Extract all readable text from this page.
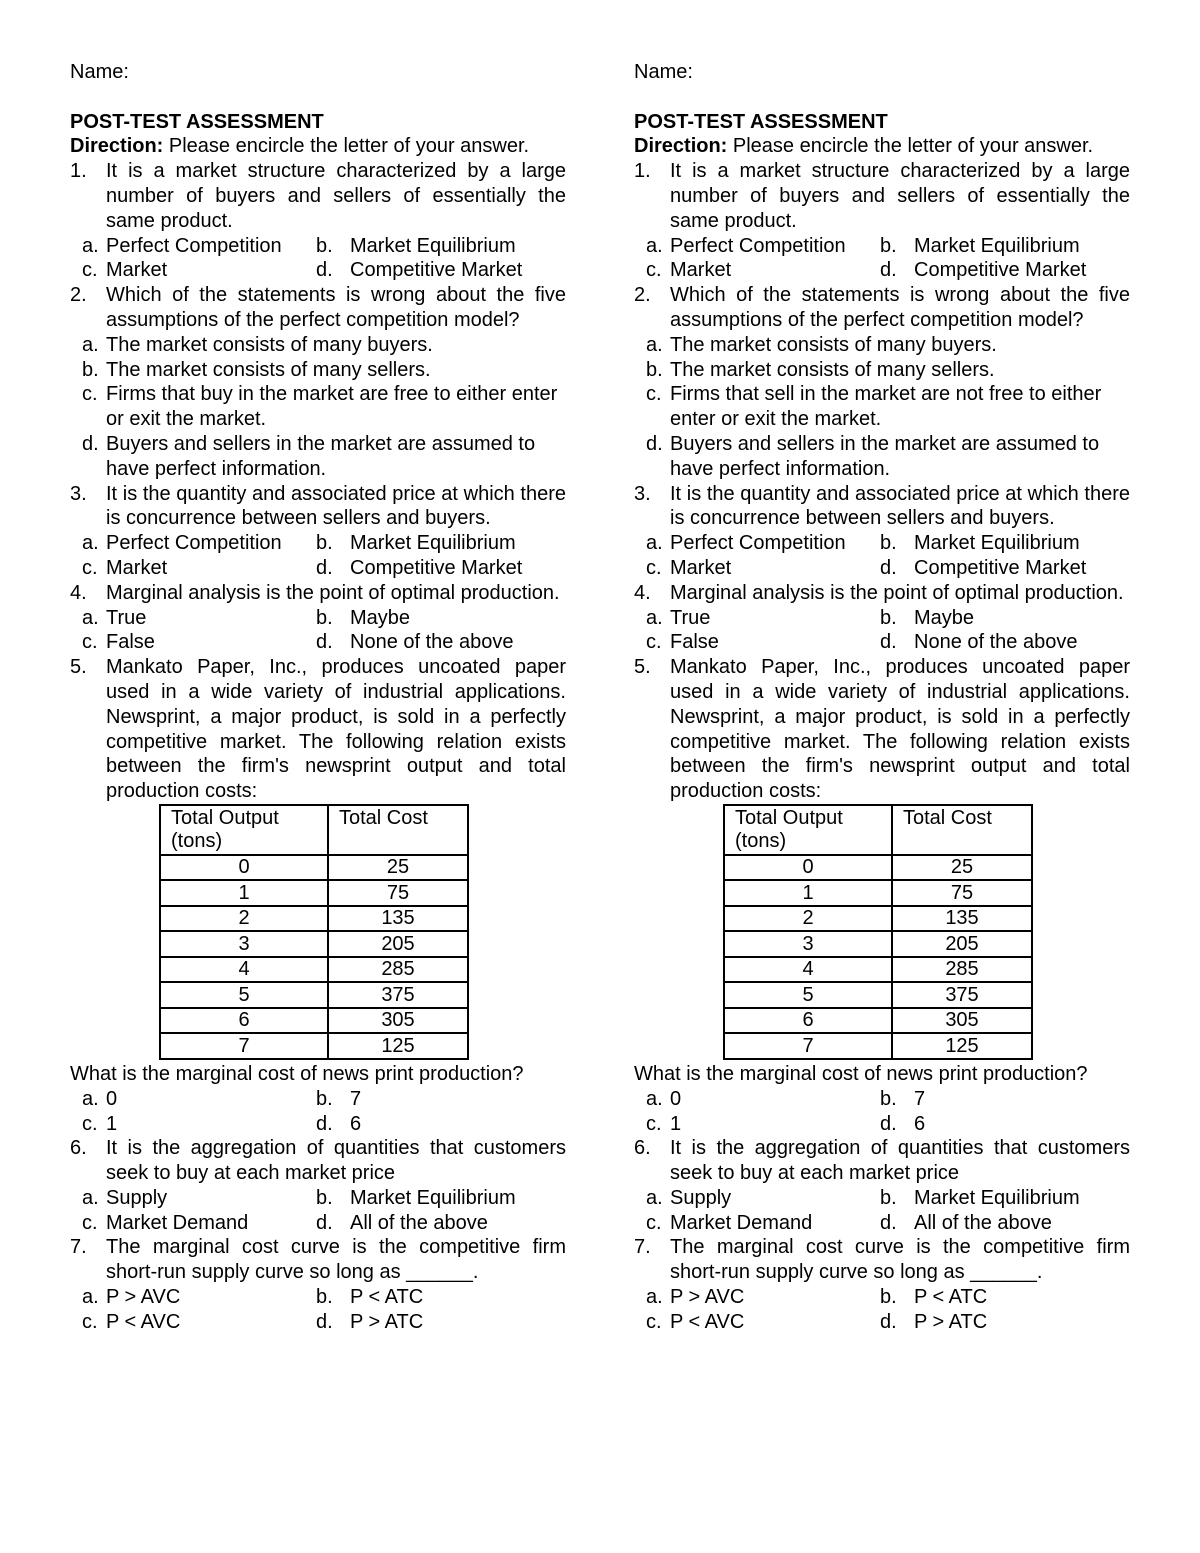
Name:
POST-TEST ASSESSMENT
Direction: Please encircle the letter of your answer.
1. It is a market structure characterized by a large number of buyers and sellers of essentially the same product.
a. Perfect Competition b. Market Equilibrium
c. Market	d. Competitive Market
2. Which of the statements is wrong about the five assumptions of the perfect competition model?
a. The market consists of many buyers.
b. The market consists of many sellers.
c. Firms that buy in the market are free to either enter or exit the market.
d. Buyers and sellers in the market are assumed to have perfect information.
3. It is the quantity and associated price at which there is concurrence between sellers and buyers.
a. Perfect Competition b. Market Equilibrium
c. Market	d. Competitive Market
4. Marginal analysis is the point of optimal production.
a. True	b. Maybe
c. False	d. None of the above
5. Mankato Paper, Inc., produces uncoated paper used in a wide variety of industrial applications. Newsprint, a major product, is sold in a perfectly competitive market. The following relation exists between the firm's newsprint output and total production costs:
Total Output (tons)	Total Cost
0	25
1	75
2	135
3	205
4	285
5	375
6	305
7	125
What is the marginal cost of news print production?
a. 0	b. 7
c. 1	d. 6
6. It is the aggregation of quantities that customers seek to buy at each market price
a. Supply	b. Market Equilibrium
c. Market Demand	d. All of the above
7. The marginal cost curve is the competitive firm short-run supply curve so long as ______.
a. P > AVC	b. P < ATC
c. P < AVC	d. P > ATC
Name:
POST-TEST ASSESSMENT
Direction: Please encircle the letter of your answer.
1. It is a market structure characterized by a large number of buyers and sellers of essentially the same product.
a. Perfect Competition b. Market Equilibrium
c. Market	d. Competitive Market
2. Which of the statements is wrong about the five assumptions of the perfect competition model?
a. The market consists of many buyers.
b. The market consists of many sellers.
c. Firms that sell in the market are not free to either enter or exit the market.
d. Buyers and sellers in the market are assumed to have perfect information.
3. It is the quantity and associated price at which there is concurrence between sellers and buyers.
a. Perfect Competition b. Market Equilibrium
c. Market	d. Competitive Market
4. Marginal analysis is the point of optimal production.
a. True	b. Maybe
c. False	d. None of the above
5. Mankato Paper, Inc., produces uncoated paper used in a wide variety of industrial applications. Newsprint, a major product, is sold in a perfectly competitive market. The following relation exists between the firm's newsprint output and total production costs:
Total Output (tons)	Total Cost
0	25
1	75
2	135
3	205
4	285
5	375
6	305
7	125
What is the marginal cost of news print production?
a. 0	b. 7
c. 1	d. 6
6. It is the aggregation of quantities that customers seek to buy at each market price
a. Supply	b. Market Equilibrium
c. Market Demand	d. All of the above
7. The marginal cost curve is the competitive firm short-run supply curve so long as ______.
a. P > AVC	b. P < ATC
c. P < AVC	d. P > ATC
